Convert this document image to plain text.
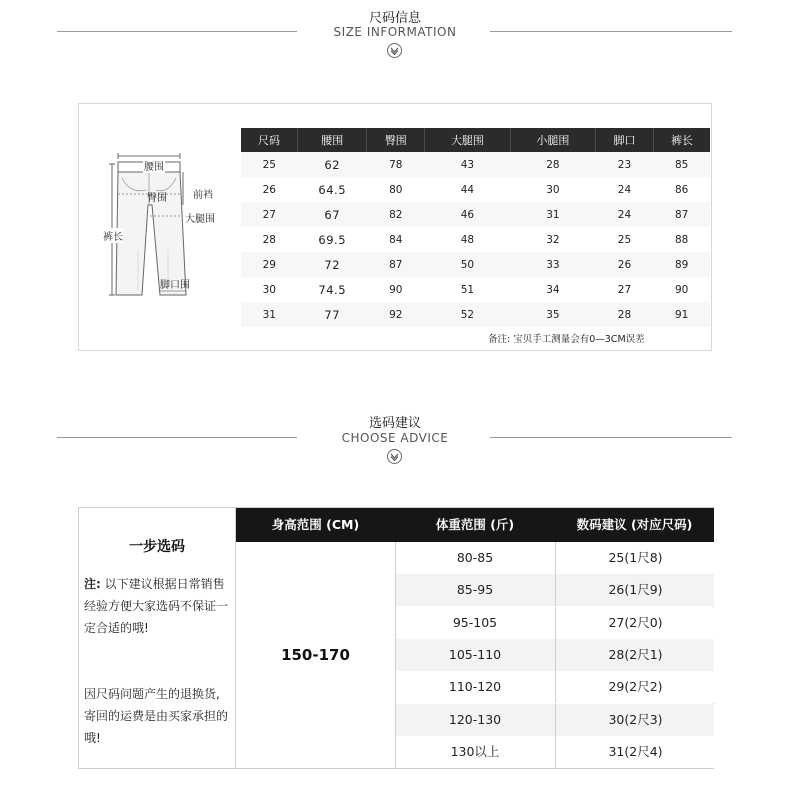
尺码信息
SIZE INFORMATION
腰围
臀围	前裆
大腿围
裤长
脚口围
尺码	腰围	臀围	大腿围	小腿围	脚口	裤长
25	62	78	43	28	23	85
26	64.5	80	44	30	24	86
27	67	82	46	31	24	87
28	69.5	84	48	32	25	88
29	72	87	50	33	26	89
30	74.5	90	51	34	27	90
31	77	92	52	35	28	91
备注: 宝贝手工测量会有0—3CM误差
选码建议
CHOOSE ADVICE
一步选码
注: 以下建议根据日常销售经验方便大家选码不保证一定合适的哦!
因尺码问题产生的退换货, 寄回的运费是由买家承担的哦!
身高范围 (CM)	体重范围 (斤)	数码建议 (对应尺码)
150-170
80-85	25(1尺8)
85-95	26(1尺9)
95-105	27(2尺0)
105-110	28(2尺1)
110-120	29(2尺2)
120-130	30(2尺3)
130以上	31(2尺4)
